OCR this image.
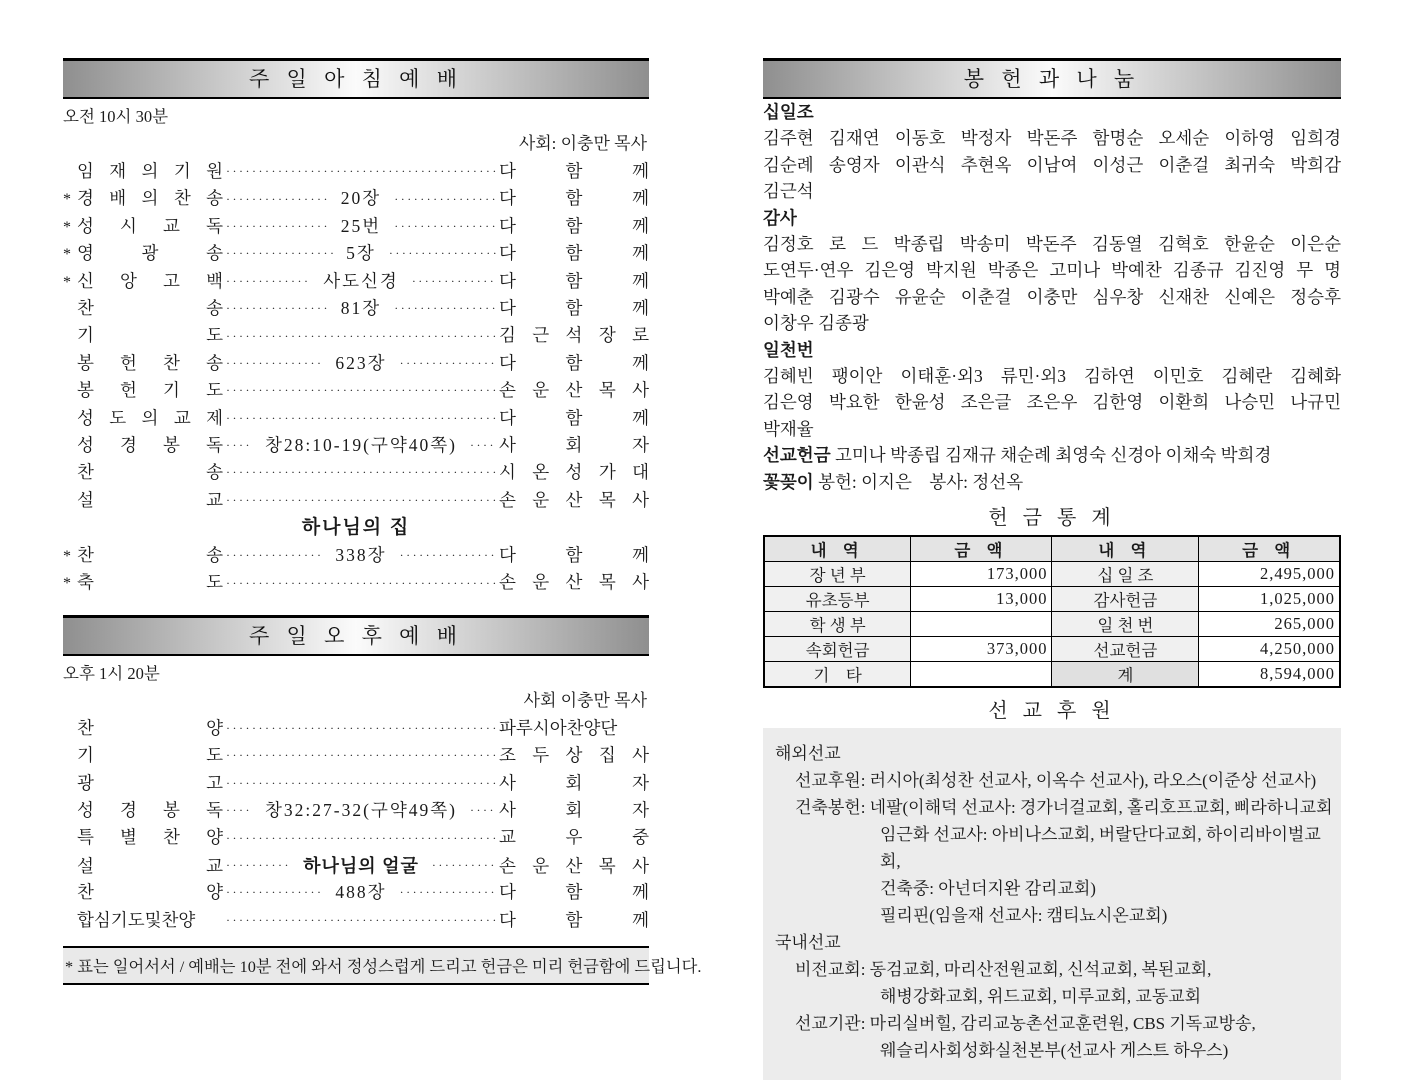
주 일 아 침 예 배
오전 10시 30분
사회: 이충만 목사
임 재 의 기 원 ·····	다 함 께
* 경 배 의 찬 송 ·····	20장 ·····	다 함 께
* 성 시 교 독 ·····	25번 ·····	다 함 께
* 영 광 송 ·····	5장 ·····	다 함 께
* 신 앙 고 백 ·····	사도신경 ·····	다 함 께
찬 송 ·····	81장 ·····	다 함 께
기 도 ·····	김 근 석 장 로
봉 헌 찬 송 ·····	623장 ·····	다 함 께
봉 헌 기 도 ·····	손 운 산 목 사
성 도 의 교 제 ·····	다 함 께
성 경 봉 독 ·····	창28:10-19(구약40쪽) ·····	사 회 자
찬 송 ·····	시 온 성 가 대
설 교 ·····	손 운 산 목 사
하나님의 집
* 찬 송 ·····	338장 ·····	다 함 께
* 축 도 ·····	손 운 산 목 사
주 일 오 후 예 배
오후 1시 20분
사회 이충만 목사
찬 양 ·····	파루시아찬양단
기 도 ·····	조 두 상 집 사
광 고 ·····	사 회 자
성 경 봉 독 ·····	창32:27-32(구약49쪽) ·····	사 회 자
특 별 찬 양 ·····	교 우 중
설 교 ·····	하나님의 얼굴 ·····	손 운 산 목 사
찬 양 ·····	488장 ·····	다 함 께
합심기도및찬양 ·····	다 함 께
* 표는 일어서서 / 예배는 10분 전에 와서 정성스럽게 드리고 헌금은 미리 헌금함에 드립니다.
봉 헌 과 나 눔
십일조
김주현 김재연 이동호 박정자 박돈주 함명순 오세순 이하영 임희경
김순례 송영자 이관식 추현옥 이남여 이성근 이춘걸 최귀숙 박희감
김근석
감사
김정호 로 드 박종립 박송미 박돈주 김동열 김혁호 한윤순 이은순
도연두·연우 김은영 박지원 박종은 고미나 박예찬 김종규 김진영 무 명
박예춘 김광수 유윤순 이춘걸 이충만 심우창 신재찬 신예은 정승후
이창우 김종광
일천번
김혜빈 팽이안 이태훈·외3 류민·외3 김하연 이민호 김혜란 김혜화
김은영 박요한 한윤성 조은글 조은우 김한영 이환희 나승민 나규민
박재율
선교헌금 고미나 박종립 김재규 채순례 최영숙 신경아 이채숙 박희경
꽃꽂이 봉헌: 이지은    봉사: 정선옥
헌 금 통 계
내 역	금 액	내 역	금 액
장 년 부	173,000	십 일 조	2,495,000
유초등부	13,000	감사헌금	1,025,000
학 생 부		일 천 번	265,000
속회헌금	373,000	선교헌금	4,250,000
기    타		계	8,594,000
선 교 후 원
해외선교
선교후원: 러시아(최성찬 선교사, 이옥수 선교사), 라오스(이준상 선교사)
건축봉헌: 네팔(이해덕 선교사: 경가너걸교회, 홀리호프교회, 삐라하니교회
임근화 선교사: 아비나스교회, 버랄단다교회, 하이리바이벌교회,
건축중: 아넌더지완 감리교회)
필리핀(임을재 선교사: 캠티뇨시온교회)
국내선교
비전교회: 동검교회, 마리산전원교회, 신석교회, 복된교회,
해병강화교회, 위드교회, 미루교회, 교동교회
선교기관: 마리실버힐, 감리교농촌선교훈련원, CBS 기독교방송,
웨슬리사회성화실천본부(선교사 게스트 하우스)
